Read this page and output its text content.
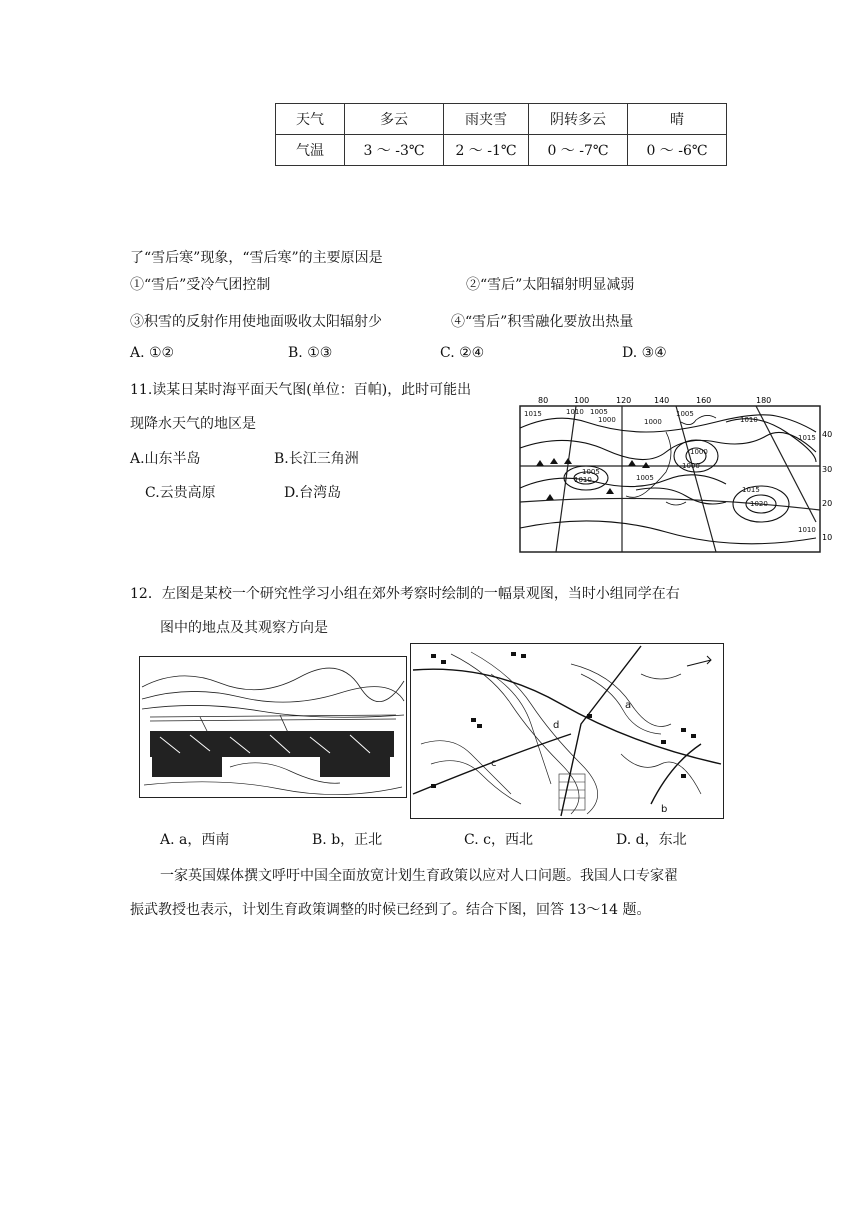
天气	多云	雨夹雪	阴转多云	晴
气温	3 ～ -3℃	2 ～ -1℃	0 ～ -7℃	0 ～ -6℃
了“雪后寒”现象，“雪后寒”的主要原因是
①“雪后”受冷气团控制	②“雪后”太阳辐射明显减弱
③积雪的反射作用使地面吸收太阳辐射少	④“雪后”积雪融化要放出热量
A. ①②	B. ①③	C. ②④	D. ③④
11.读某日某时海平面天气图(单位：百帕)，此时可能出
现降水天气的地区是
A.山东半岛	B.长江三角洲
C.云贵高原	D.台湾岛
80	100	120	140	160	180
40
30
20
10
1015	1010 1005
1000	1000
1005
1010
1015
1005
1010
1000
1005
1000
1015
1020
1010
12．左图是某校一个研究性学习小组在郊外考察时绘制的一幅景观图，当时小组同学在右
图中的地点及其观察方向是
a
b
c
d
A. a，西南	B. b，正北	C. c，西北	D. d，东北
一家英国媒体撰文呼吁中国全面放宽计划生育政策以应对人口问题。我国人口专家翟
振武教授也表示，计划生育政策调整的时候已经到了。结合下图，回答 13～14 题。
